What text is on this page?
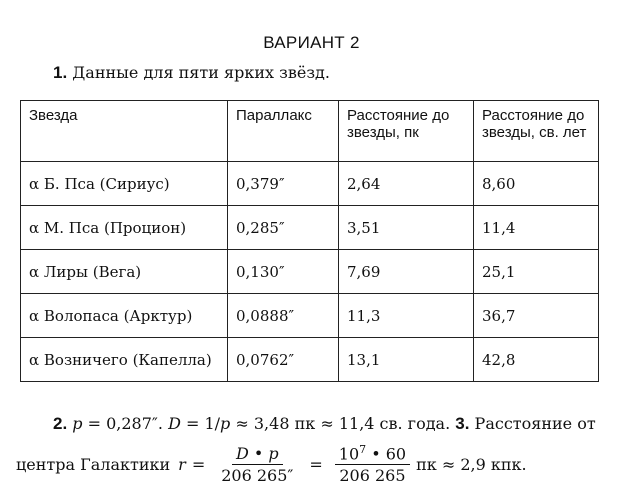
ВАРИАНТ 2
1. Данные для пяти ярких звёзд.
Звезда	Параллакс	Расстояние до звезды, пк	Расстояние до звезды, св. лет
α Б. Пса (Сириус)	0,379″	2,64	8,60
α М. Пса (Процион)	0,285″	3,51	11,4
α Лиры (Вега)	0,130″	7,69	25,1
α Волопаса (Арктур)	0,0888″	11,3	36,7
α Возничего (Капелла)	0,0762″	13,1	42,8
2. p = 0,287″. D = 1/p ≈ 3,48 пк ≈ 11,4 св. года. 3. Расстояние от
центра Галактики $r = \frac{D • p}{206 265''} = \frac{10^7 • 60}{206 265}$ пк ≈ 2,9 кпк.
